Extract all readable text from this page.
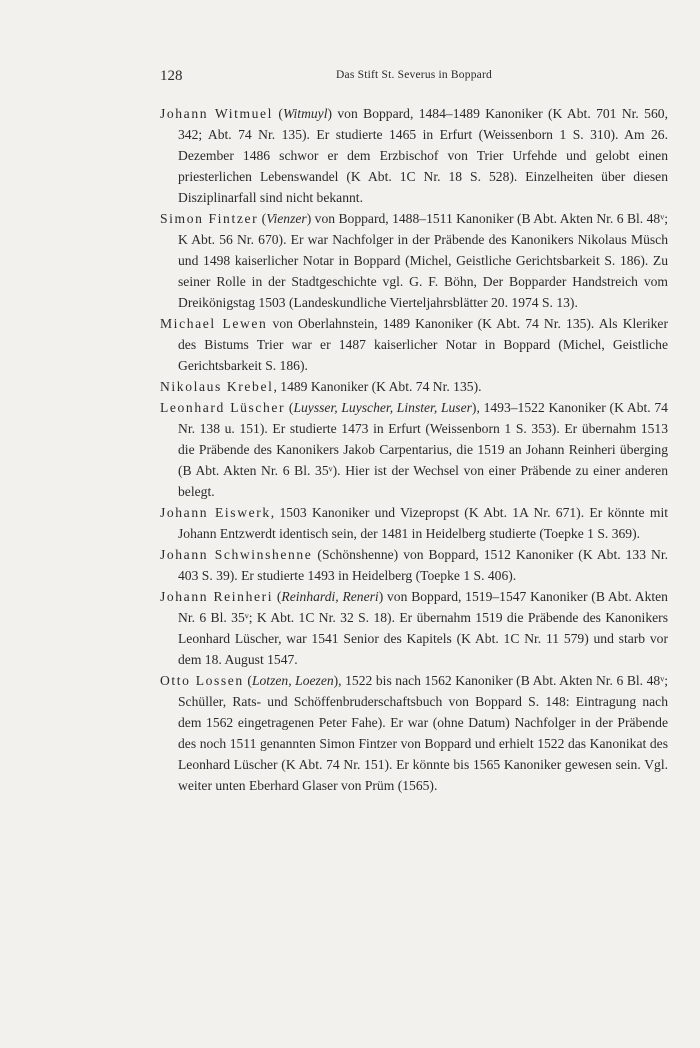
128	Das Stift St. Severus in Boppard

Johann Witmuel (Witmuyl) von Boppard, 1484–1489 Kanoniker (K Abt. 701 Nr. 560, 342; Abt. 74 Nr. 135). Er studierte 1465 in Erfurt (Weissenborn 1 S. 310). Am 26. Dezember 1486 schwor er dem Erzbischof von Trier Urfehde und gelobt einen priesterlichen Lebenswandel (K Abt. 1C Nr. 18 S. 528). Einzelheiten über diesen Disziplinarfall sind nicht bekannt.

Simon Fintzer (Vienzer) von Boppard, 1488–1511 Kanoniker (B Abt. Akten Nr. 6 Bl. 48ᵛ; K Abt. 56 Nr. 670). Er war Nachfolger in der Präbende des Kanonikers Nikolaus Müsch und 1498 kaiserlicher Notar in Boppard (Michel, Geistliche Gerichtsbarkeit S. 186). Zu seiner Rolle in der Stadtgeschichte vgl. G. F. Böhn, Der Bopparder Handstreich vom Dreikönigstag 1503 (Landeskundliche Vierteljahrsblätter 20. 1974 S. 13).

Michael Lewen von Oberlahnstein, 1489 Kanoniker (K Abt. 74 Nr. 135). Als Kleriker des Bistums Trier war er 1487 kaiserlicher Notar in Boppard (Michel, Geistliche Gerichtsbarkeit S. 186).

Nikolaus Krebel, 1489 Kanoniker (K Abt. 74 Nr. 135).

Leonhard Lüscher (Luysser, Luyscher, Linster, Luser), 1493–1522 Kanoniker (K Abt. 74 Nr. 138 u. 151). Er studierte 1473 in Erfurt (Weissenborn 1 S. 353). Er übernahm 1513 die Präbende des Kanonikers Jakob Carpentarius, die 1519 an Johann Reinheri überging (B Abt. Akten Nr. 6 Bl. 35ᵛ). Hier ist der Wechsel von einer Präbende zu einer anderen belegt.

Johann Eiswerk, 1503 Kanoniker und Vizepropst (K Abt. 1A Nr. 671). Er könnte mit Johann Entzwerdt identisch sein, der 1481 in Heidelberg studierte (Toepke 1 S. 369).

Johann Schwinshenne (Schönshenne) von Boppard, 1512 Kanoniker (K Abt. 133 Nr. 403 S. 39). Er studierte 1493 in Heidelberg (Toepke 1 S. 406).

Johann Reinheri (Reinhardi, Reneri) von Boppard, 1519–1547 Kanoniker (B Abt. Akten Nr. 6 Bl. 35ᵛ; K Abt. 1C Nr. 32 S. 18). Er übernahm 1519 die Präbende des Kanonikers Leonhard Lüscher, war 1541 Senior des Kapitels (K Abt. 1C Nr. 11 579) und starb vor dem 18. August 1547.

Otto Lossen (Lotzen, Loezen), 1522 bis nach 1562 Kanoniker (B Abt. Akten Nr. 6 Bl. 48ᵛ; Schüller, Rats- und Schöffenbruderschaftsbuch von Boppard S. 148: Eintragung nach dem 1562 eingetragenen Peter Fahe). Er war (ohne Datum) Nachfolger in der Präbende des noch 1511 genannten Simon Fintzer von Boppard und erhielt 1522 das Kanonikat des Leonhard Lüscher (K Abt. 74 Nr. 151). Er könnte bis 1565 Kanoniker gewesen sein. Vgl. weiter unten Eberhard Glaser von Prüm (1565).
